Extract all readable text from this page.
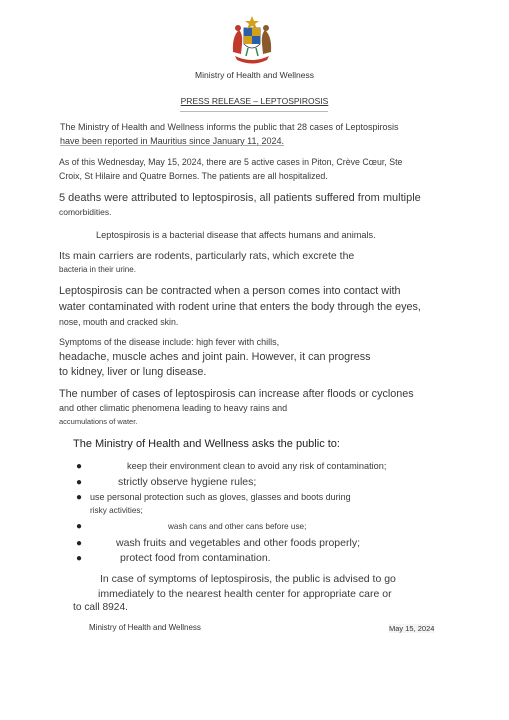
Ministry of Health and Wellness
PRESS RELEASE – LEPTOSPIROSIS
The Ministry of Health and Wellness informs the public that 28 cases of Leptospirosis
have been reported in Mauritius since January 11, 2024.
As of this Wednesday, May 15, 2024, there are 5 active cases in Piton, Crève Cœur, Ste
Croix, St Hilaire and Quatre Bornes. The patients are all hospitalized.
5 deaths were attributed to leptospirosis, all patients suffered from multiple
comorbidities.
Leptospirosis is a bacterial disease that affects humans and animals.
Its main carriers are rodents, particularly rats, which excrete the
bacteria in their urine.
Leptospirosis can be contracted when a person comes into contact with
water contaminated with rodent urine that enters the body through the eyes,
nose, mouth and cracked skin.
Symptoms of the disease include: high fever with chills,
headache, muscle aches and joint pain. However, it can progress
to kidney, liver or lung disease.
The number of cases of leptospirosis can increase after floods or cyclones
and other climatic phenomena leading to heavy rains and
accumulations of water.
The Ministry of Health and Wellness asks the public to:
●	keep their environment clean to avoid any risk of contamination;
●	strictly observe hygiene rules;
● use personal protection such as gloves, glasses and boots during
risky activities;
●	wash cans and other cans before use;
●	wash fruits and vegetables and other foods properly;
●	protect food from contamination.
In case of symptoms of leptospirosis, the public is advised to go
immediately to the nearest health center for appropriate care or
to call 8924.
Ministry of Health and Wellness	May 15, 2024
